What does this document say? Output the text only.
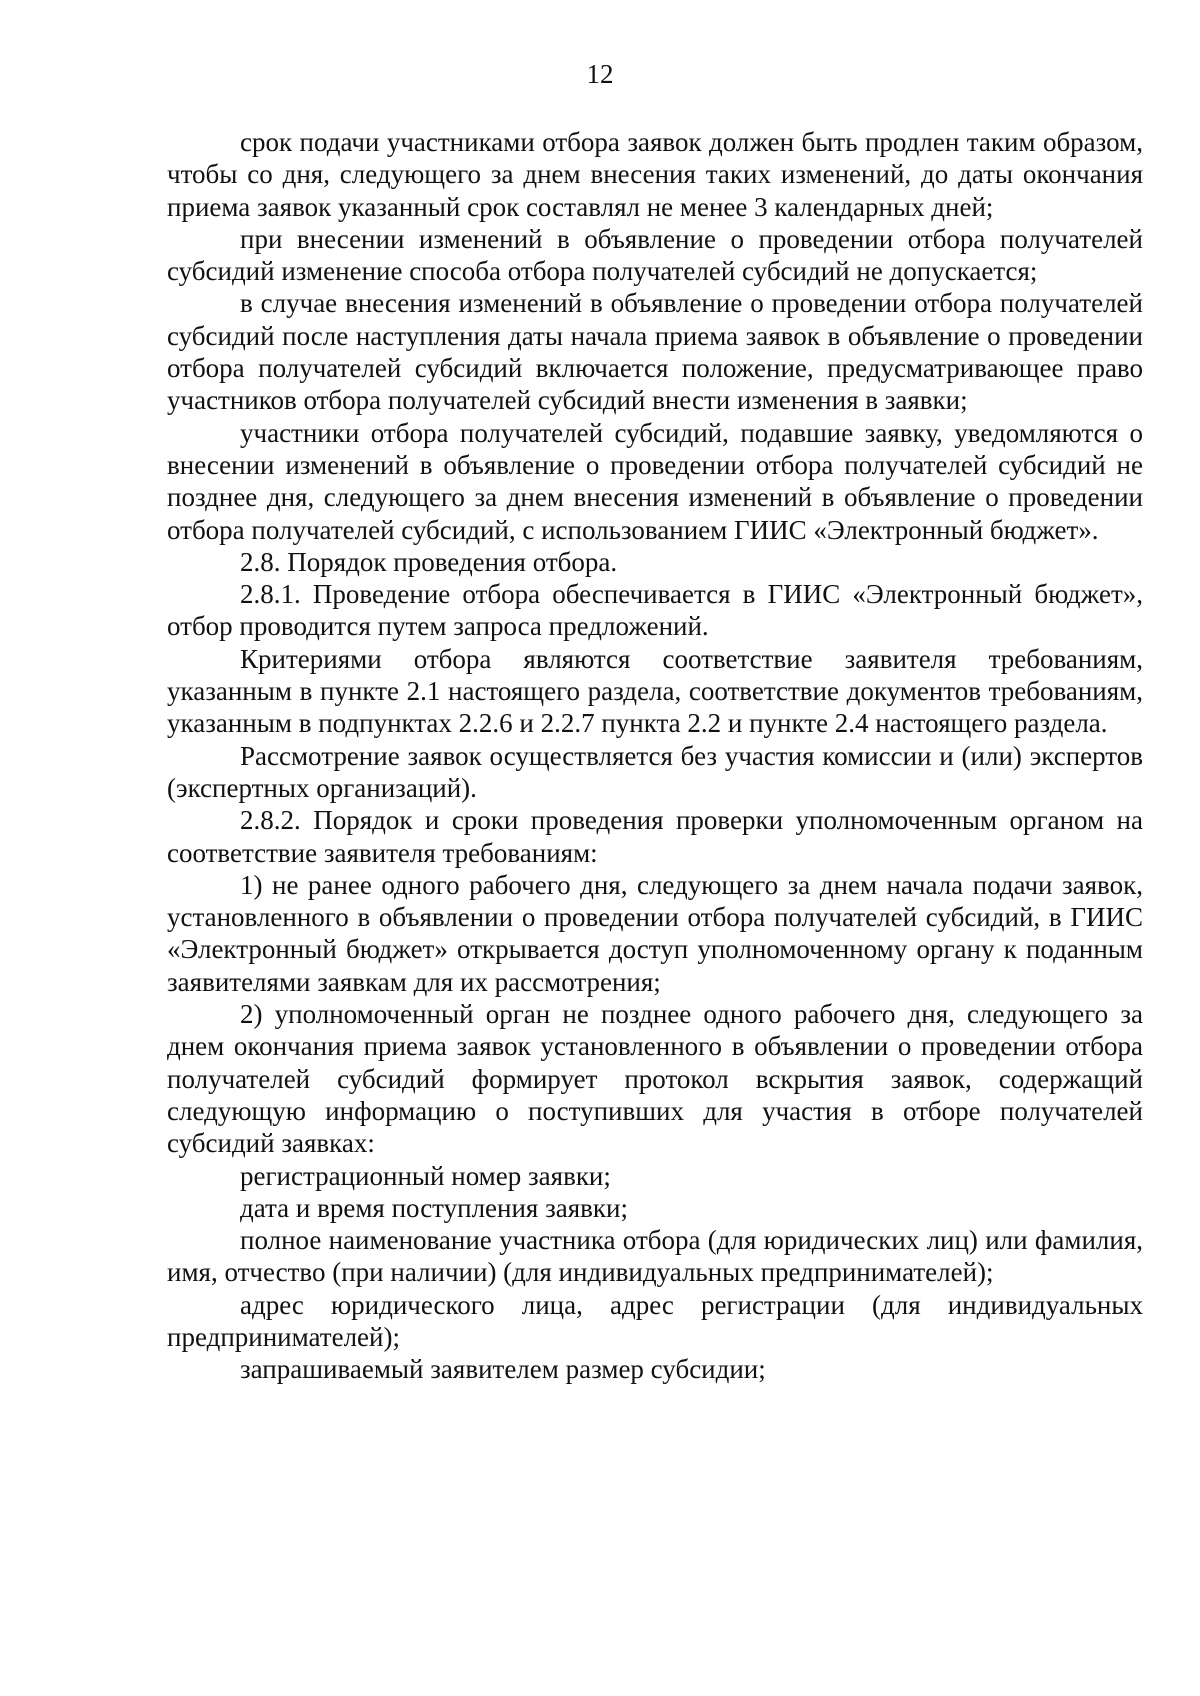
12

срок подачи участниками отбора заявок должен быть продлен таким образом, чтобы со дня, следующего за днем внесения таких изменений, до даты окончания приема заявок указанный срок составлял не менее 3 календарных дней;

при внесении изменений в объявление о проведении отбора получателей субсидий изменение способа отбора получателей субсидий не допускается;

в случае внесения изменений в объявление о проведении отбора получателей субсидий после наступления даты начала приема заявок в объявление о проведении отбора получателей субсидий включается положение, предусматривающее право участников отбора получателей субсидий внести изменения в заявки;

участники отбора получателей субсидий, подавшие заявку, уведомляются о внесении изменений в объявление о проведении отбора получателей субсидий не позднее дня, следующего за днем внесения изменений в объявление о проведении отбора получателей субсидий, с использованием ГИИС «Электронный бюджет».

2.8. Порядок проведения отбора.

2.8.1. Проведение отбора обеспечивается в ГИИС «Электронный бюджет», отбор проводится путем запроса предложений.

Критериями отбора являются соответствие заявителя требованиям, указанным в пункте 2.1 настоящего раздела, соответствие документов требованиям, указанным в подпунктах 2.2.6 и 2.2.7 пункта 2.2 и пункте 2.4 настоящего раздела.

Рассмотрение заявок осуществляется без участия комиссии и (или) экспертов (экспертных организаций).

2.8.2. Порядок и сроки проведения проверки уполномоченным органом на соответствие заявителя требованиям:

1) не ранее одного рабочего дня, следующего за днем начала подачи заявок, установленного в объявлении о проведении отбора получателей субсидий, в ГИИС «Электронный бюджет» открывается доступ уполномоченному органу к поданным заявителями заявкам для их рассмотрения;

2) уполномоченный орган не позднее одного рабочего дня, следующего за днем окончания приема заявок установленного в объявлении о проведении отбора получателей субсидий формирует протокол вскрытия заявок, содержащий следующую информацию о поступивших для участия в отборе получателей субсидий заявках:

регистрационный номер заявки;

дата и время поступления заявки;

полное наименование участника отбора (для юридических лиц) или фамилия, имя, отчество (при наличии) (для индивидуальных предпринимателей);

адрес юридического лица, адрес регистрации (для индивидуальных предпринимателей);

запрашиваемый заявителем размер субсидии;
